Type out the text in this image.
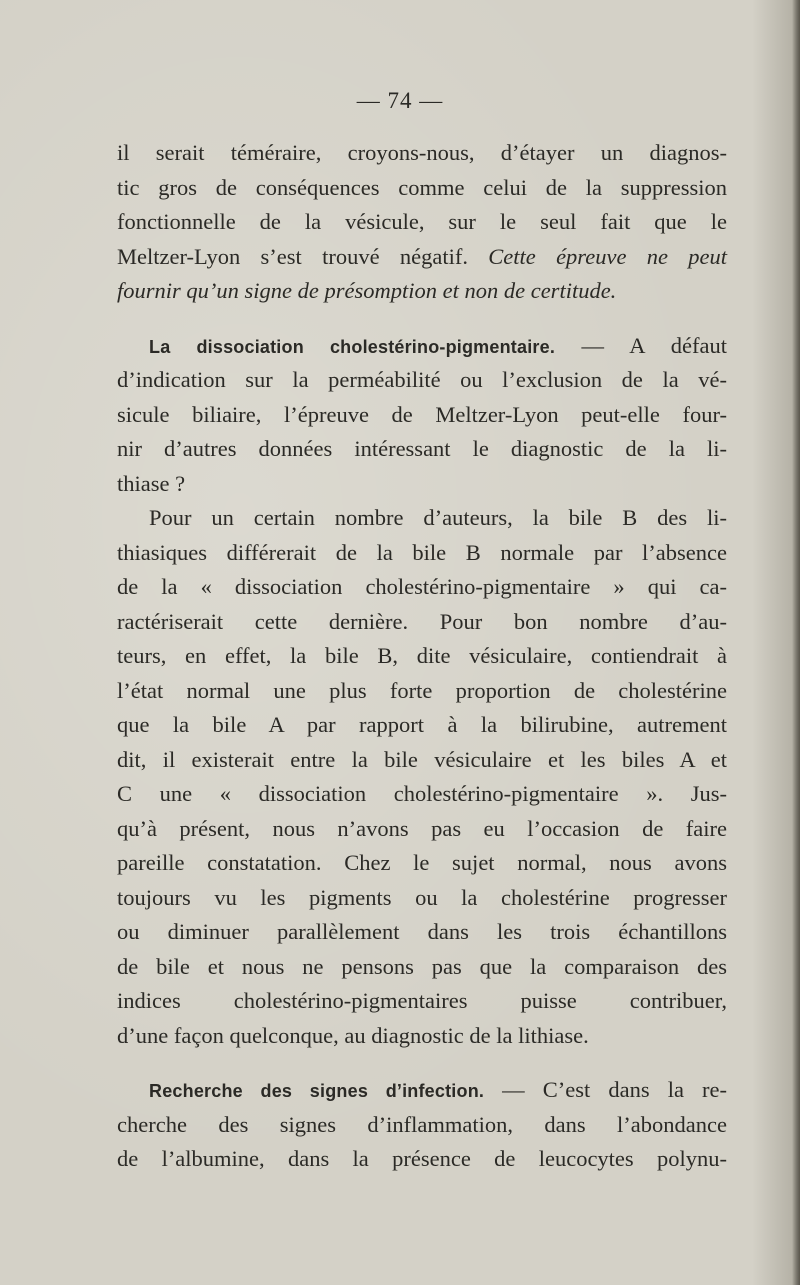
— 74 —
il serait téméraire, croyons-nous, d’étayer un diagnos-
tic gros de conséquences comme celui de la suppression
fonctionnelle de la vésicule, sur le seul fait que le
Meltzer-Lyon s’est trouvé négatif. Cette épreuve ne peut
fournir qu’un signe de présomption et non de certitude.
La dissociation cholestérino-pigmentaire. — A défaut
d’indication sur la perméabilité ou l’exclusion de la vé-
sicule biliaire, l’épreuve de Meltzer-Lyon peut-elle four-
nir d’autres données intéressant le diagnostic de la li-
thiase ?
Pour un certain nombre d’auteurs, la bile B des li-
thiasiques différerait de la bile B normale par l’absence
de la « dissociation cholestérino-pigmentaire » qui ca-
ractériserait cette dernière. Pour bon nombre d’au-
teurs, en effet, la bile B, dite vésiculaire, contiendrait à
l’état normal une plus forte proportion de cholestérine
que la bile A par rapport à la bilirubine, autrement
dit, il existerait entre la bile vésiculaire et les biles A et
C une « dissociation cholestérino-pigmentaire ». Jus-
qu’à présent, nous n’avons pas eu l’occasion de faire
pareille constatation. Chez le sujet normal, nous avons
toujours vu les pigments ou la cholestérine progresser
ou diminuer parallèlement dans les trois échantillons
de bile et nous ne pensons pas que la comparaison des
indices cholestérino-pigmentaires puisse contribuer,
d’une façon quelconque, au diagnostic de la lithiase.
Recherche des signes d’infection. — C’est dans la re-
cherche des signes d’inflammation, dans l’abondance
de l’albumine, dans la présence de leucocytes polynu-
